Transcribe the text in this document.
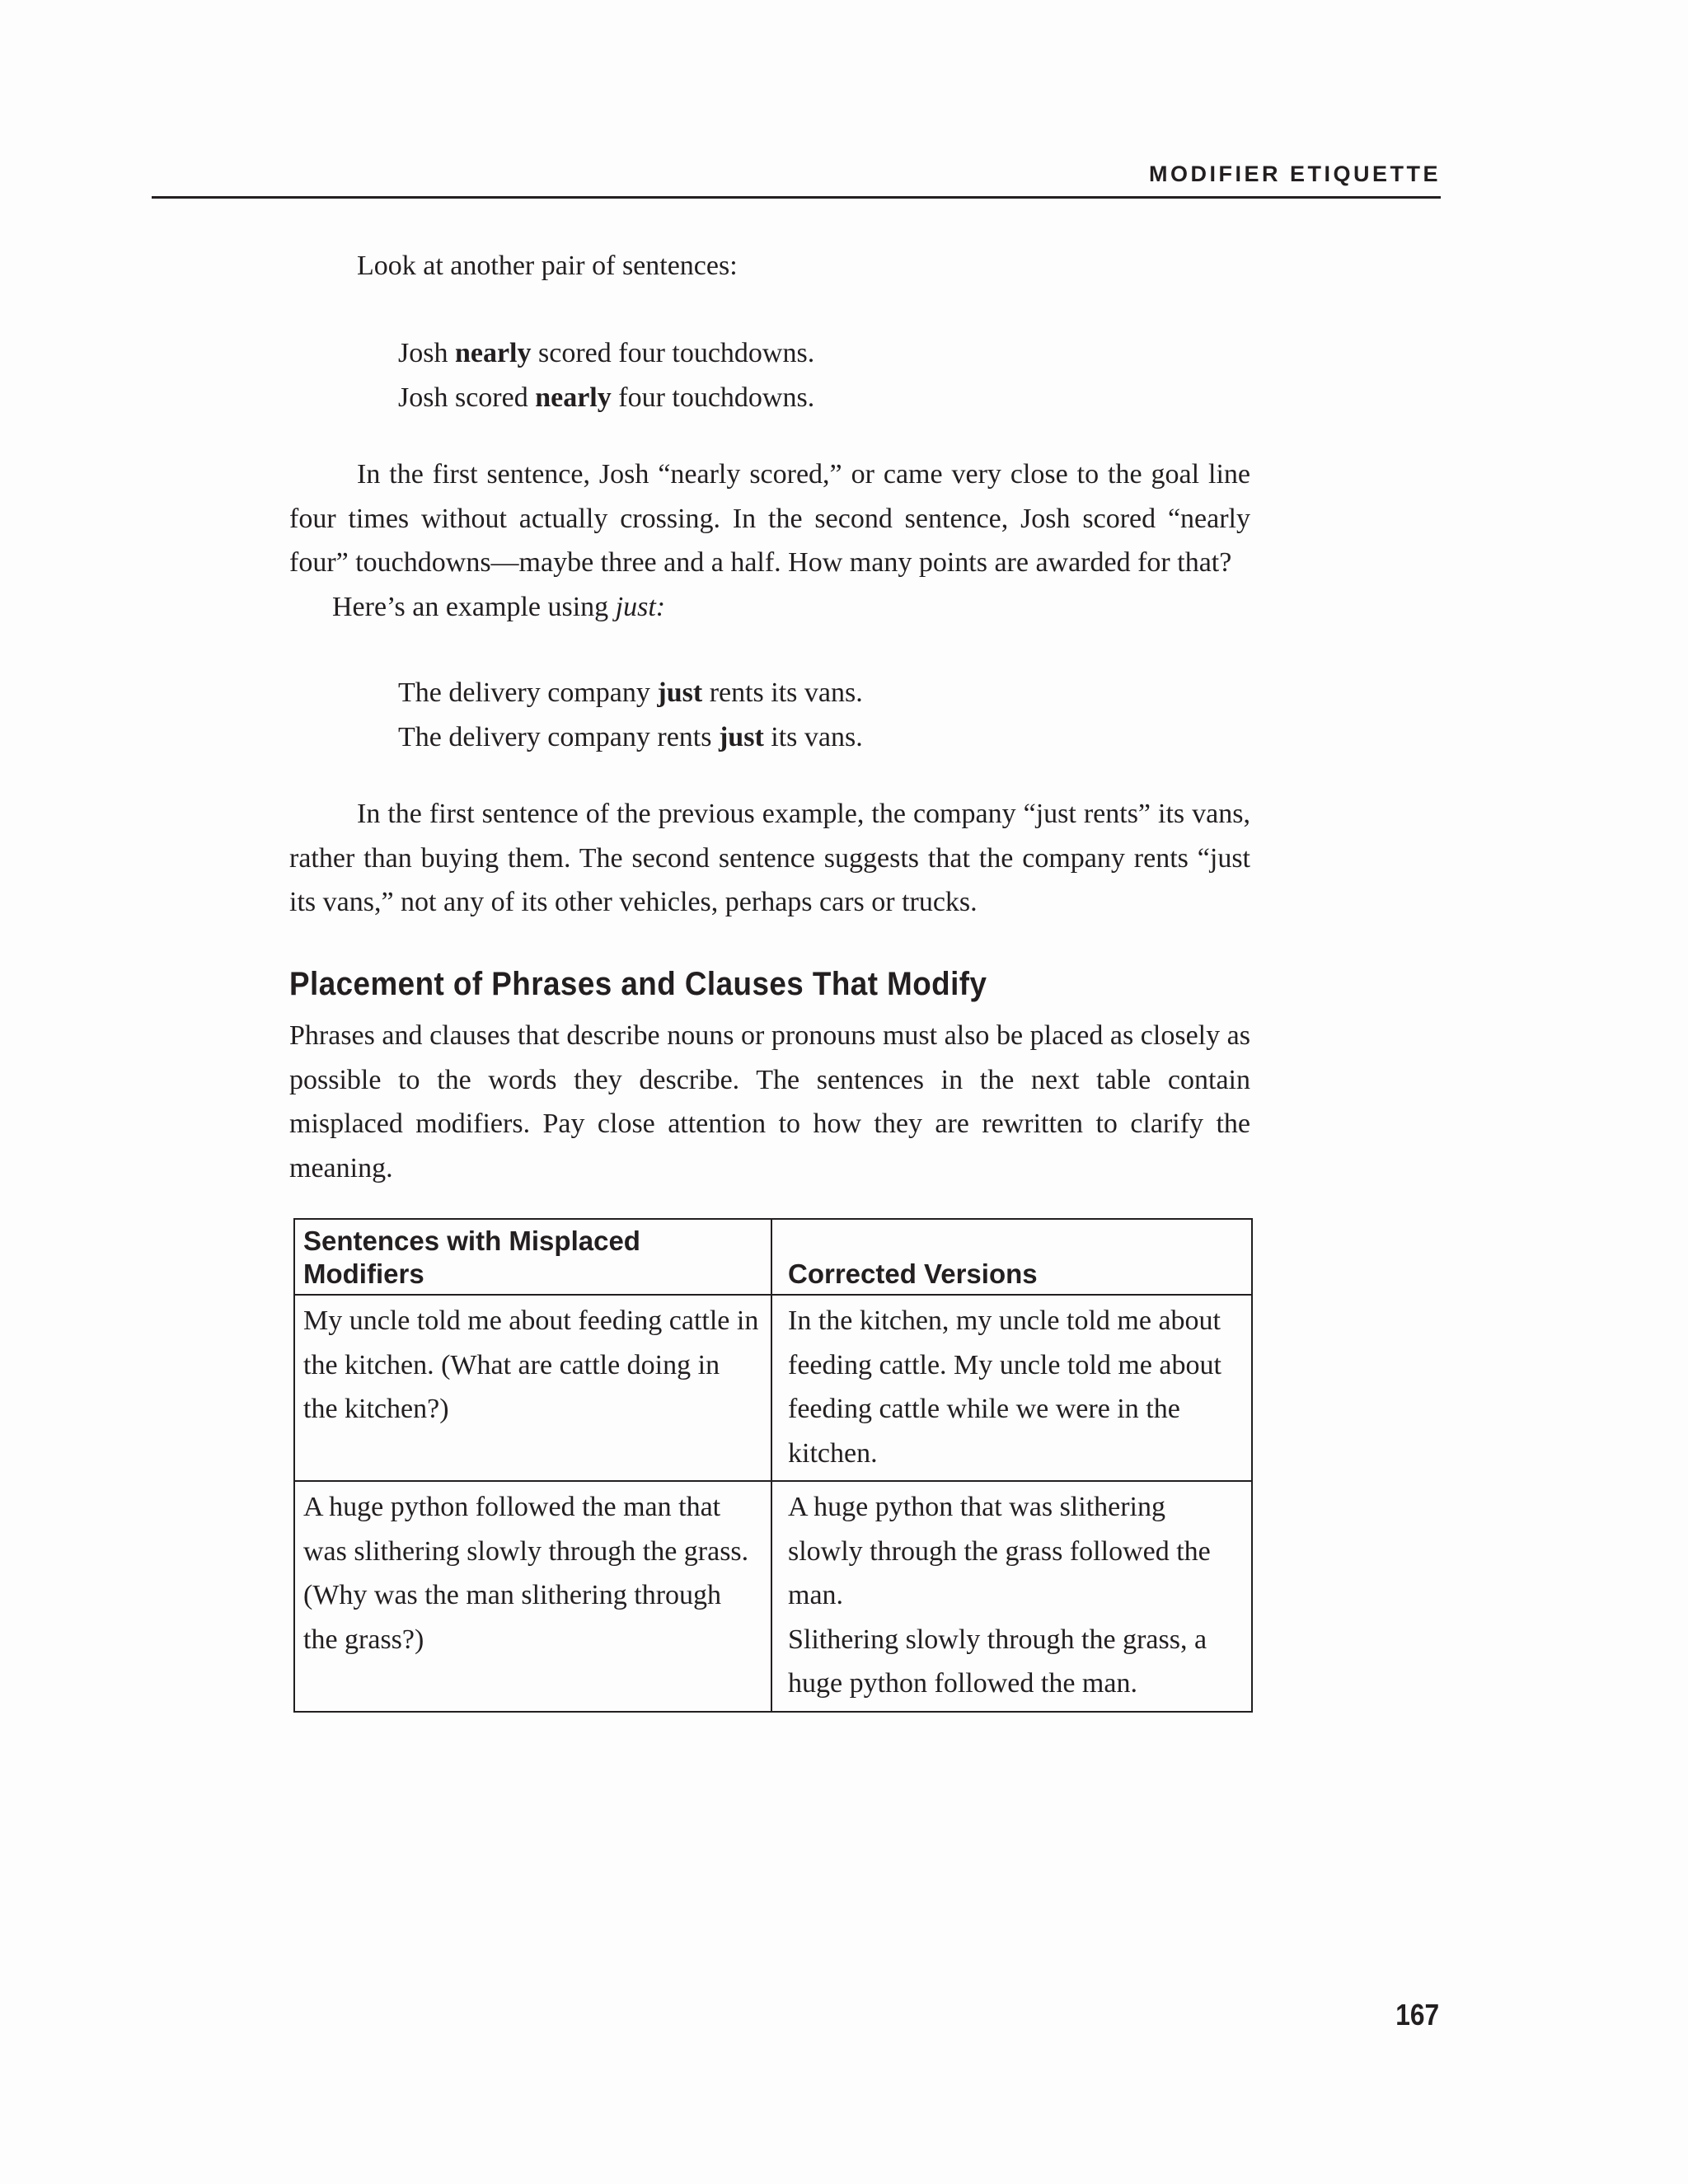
MODIFIER ETIQUETTE

Look at another pair of sentences:

Josh nearly scored four touchdowns.
Josh scored nearly four touchdowns.

In the first sentence, Josh “nearly scored,” or came very close to the goal line four times without actually crossing. In the second sentence, Josh scored “nearly four” touchdowns—maybe three and a half. How many points are awarded for that?

Here’s an example using just:

The delivery company just rents its vans.
The delivery company rents just its vans.

In the first sentence of the previous example, the company “just rents” its vans, rather than buying them. The second sentence suggests that the company rents “just its vans,” not any of its other vehicles, perhaps cars or trucks.

Placement of Phrases and Clauses That Modify

Phrases and clauses that describe nouns or pronouns must also be placed as closely as possible to the words they describe. The sentences in the next table contain misplaced modifiers. Pay close attention to how they are rewritten to clarify the meaning.

Sentences with Misplaced Modifiers	Corrected Versions
My uncle told me about feeding cattle in the kitchen. (What are cattle doing in the kitchen?)	In the kitchen, my uncle told me about feeding cattle. My uncle told me about feeding cattle while we were in the kitchen.

A huge python followed the man that was slithering slowly through the grass. (Why was the man slithering through the grass?)	A huge python that was slithering slowly through the grass followed the man.
Slithering slowly through the grass, a huge python followed the man.
167
